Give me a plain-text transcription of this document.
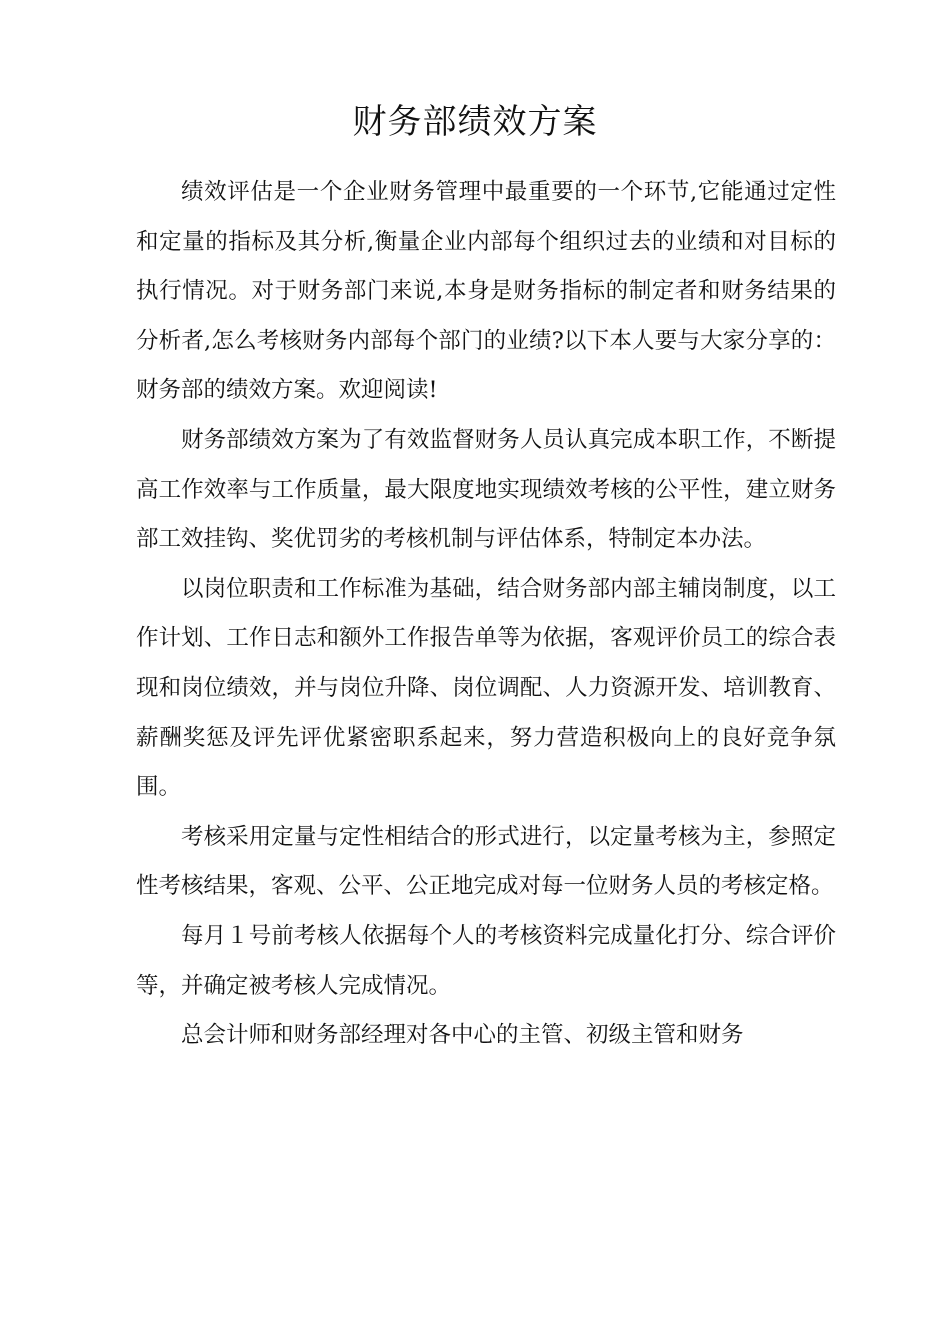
财务部绩效方案

绩效评估是一个企业财务管理中最重要的一个环节,它能通过定性和定量的指标及其分析,衡量企业内部每个组织过去的业绩和对目标的执行情况。对于财务部门来说,本身是财务指标的制定者和财务结果的分析者,怎么考核财务内部每个部门的业绩?以下本人要与大家分享的：财务部的绩效方案。欢迎阅读!

财务部绩效方案为了有效监督财务人员认真完成本职工作，不断提高工作效率与工作质量，最大限度地实现绩效考核的公平性，建立财务部工效挂钩、奖优罚劣的考核机制与评估体系，特制定本办法。

以岗位职责和工作标准为基础，结合财务部内部主辅岗制度，以工作计划、工作日志和额外工作报告单等为依据，客观评价员工的综合表现和岗位绩效，并与岗位升降、岗位调配、人力资源开发、培训教育、薪酬奖惩及评先评优紧密职系起来，努力营造积极向上的良好竞争氛围。

考核采用定量与定性相结合的形式进行，以定量考核为主，参照定性考核结果，客观、公平、公正地完成对每一位财务人员的考核定格。

每月１号前考核人依据每个人的考核资料完成量化打分、综合评价等，并确定被考核人完成情况。

总会计师和财务部经理对各中心的主管、初级主管和财务
